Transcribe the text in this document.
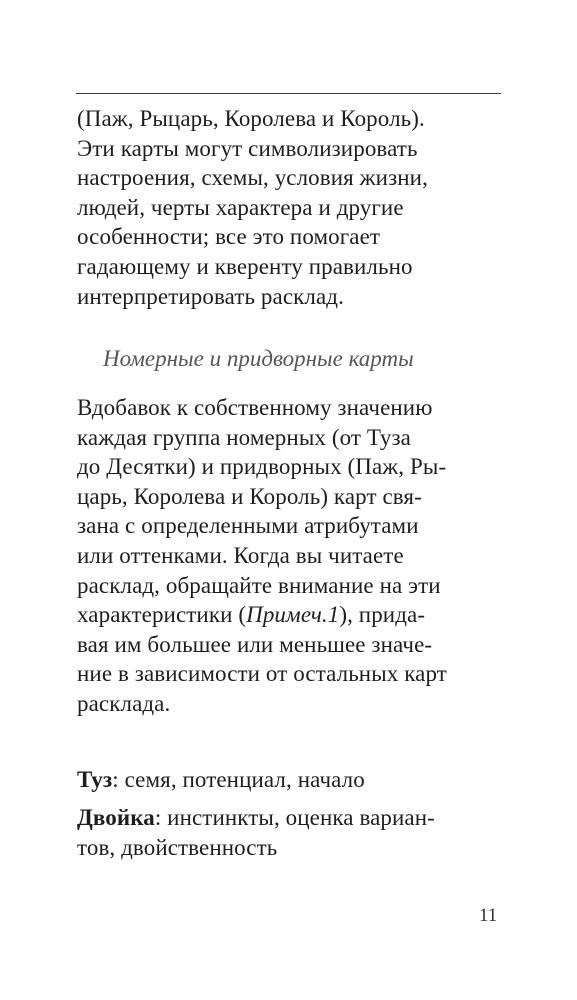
(Паж, Рыцарь, Королева и Король).
Эти карты могут символизировать
настроения, схемы, условия жизни,
людей, черты характера и другие
особенности; все это помогает
гадающему и кверенту правильно
интерпретировать расклад.
Номерные и придворные карты
Вдобавок к собственному значению
каждая группа номерных (от Туза
до Десятки) и придворных (Паж, Ры-
царь, Королева и Король) карт свя-
зана с определенными атрибутами
или оттенками. Когда вы читаете
расклад, обращайте внимание на эти
характеристики (Примеч.1), прида-
вая им большее или меньшее значе-
ние в зависимости от остальных карт
расклада.
Туз: семя, потенциал, начало
Двойка: инстинкты, оценка вариан-
тов, двойственность
11
